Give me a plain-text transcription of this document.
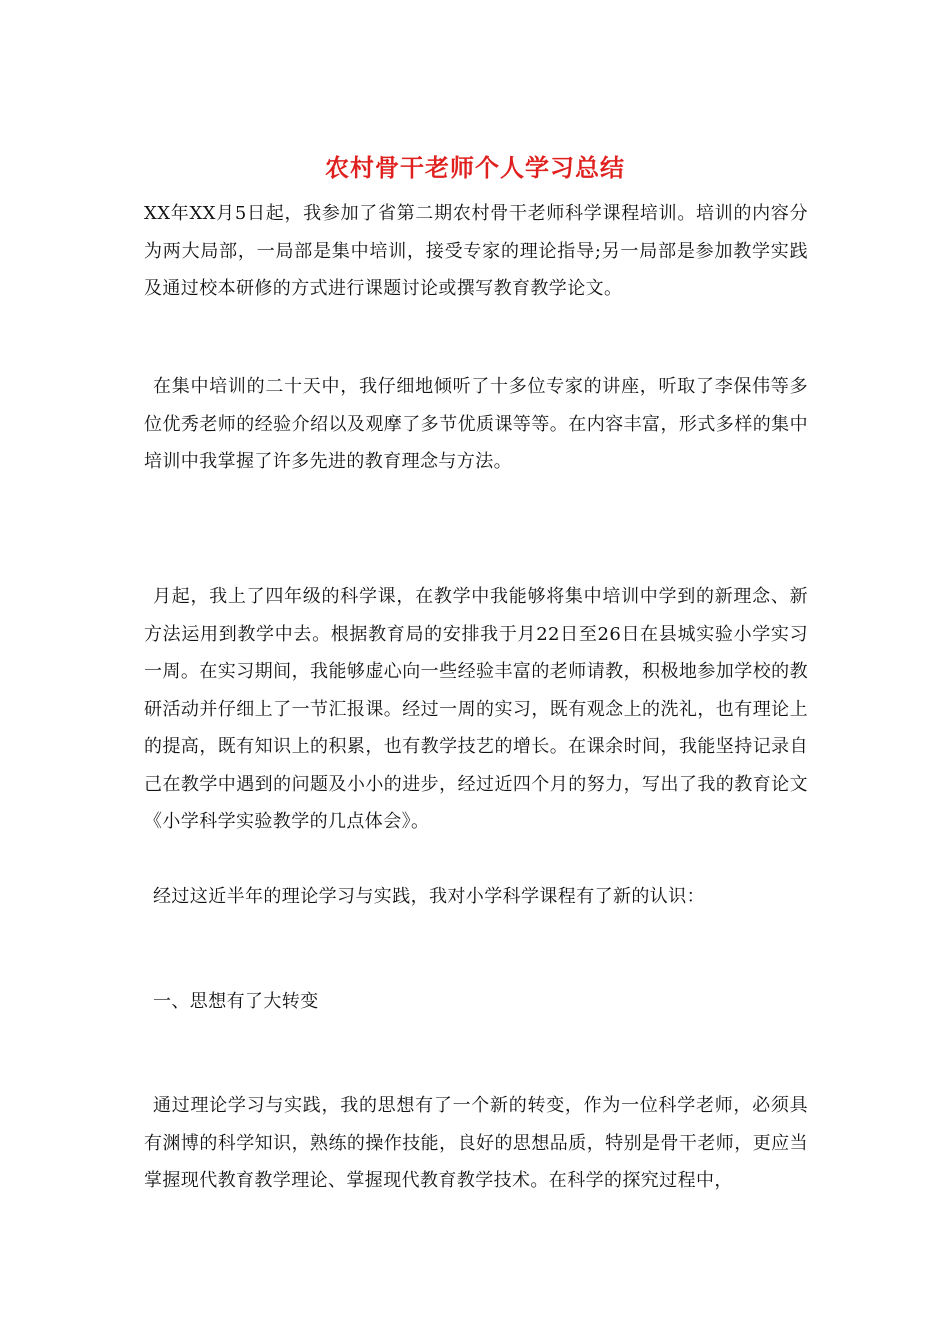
农村骨干老师个人学习总结

XX年XX月5日起，我参加了省第二期农村骨干老师科学课程培训。培训的内容分为两大局部，一局部是集中培训，接受专家的理论指导;另一局部是参加教学实践及通过校本研修的方式进行课题讨论或撰写教育教学论文。

在集中培训的二十天中，我仔细地倾听了十多位专家的讲座，听取了李保伟等多位优秀老师的经验介绍以及观摩了多节优质课等等。在内容丰富，形式多样的集中培训中我掌握了许多先进的教育理念与方法。

月起，我上了四年级的科学课，在教学中我能够将集中培训中学到的新理念、新方法运用到教学中去。根据教育局的安排我于月22日至26日在县城实验小学实习一周。在实习期间，我能够虚心向一些经验丰富的老师请教，积极地参加学校的教研活动并仔细上了一节汇报课。经过一周的实习，既有观念上的洗礼，也有理论上的提高，既有知识上的积累，也有教学技艺的增长。在课余时间，我能坚持记录自己在教学中遇到的问题及小小的进步，经过近四个月的努力，写出了我的教育论文 《小学科学实验教学的几点体会》。

经过这近半年的理论学习与实践，我对小学科学课程有了新的认识：

一、思想有了大转变

通过理论学习与实践，我的思想有了一个新的转变，作为一位科学老师，必须具有渊博的科学知识，熟练的操作技能，良好的思想品质，特别是骨干老师，更应当掌握现代教育教学理论、掌握现代教育教学技术。在科学的探究过程中，
